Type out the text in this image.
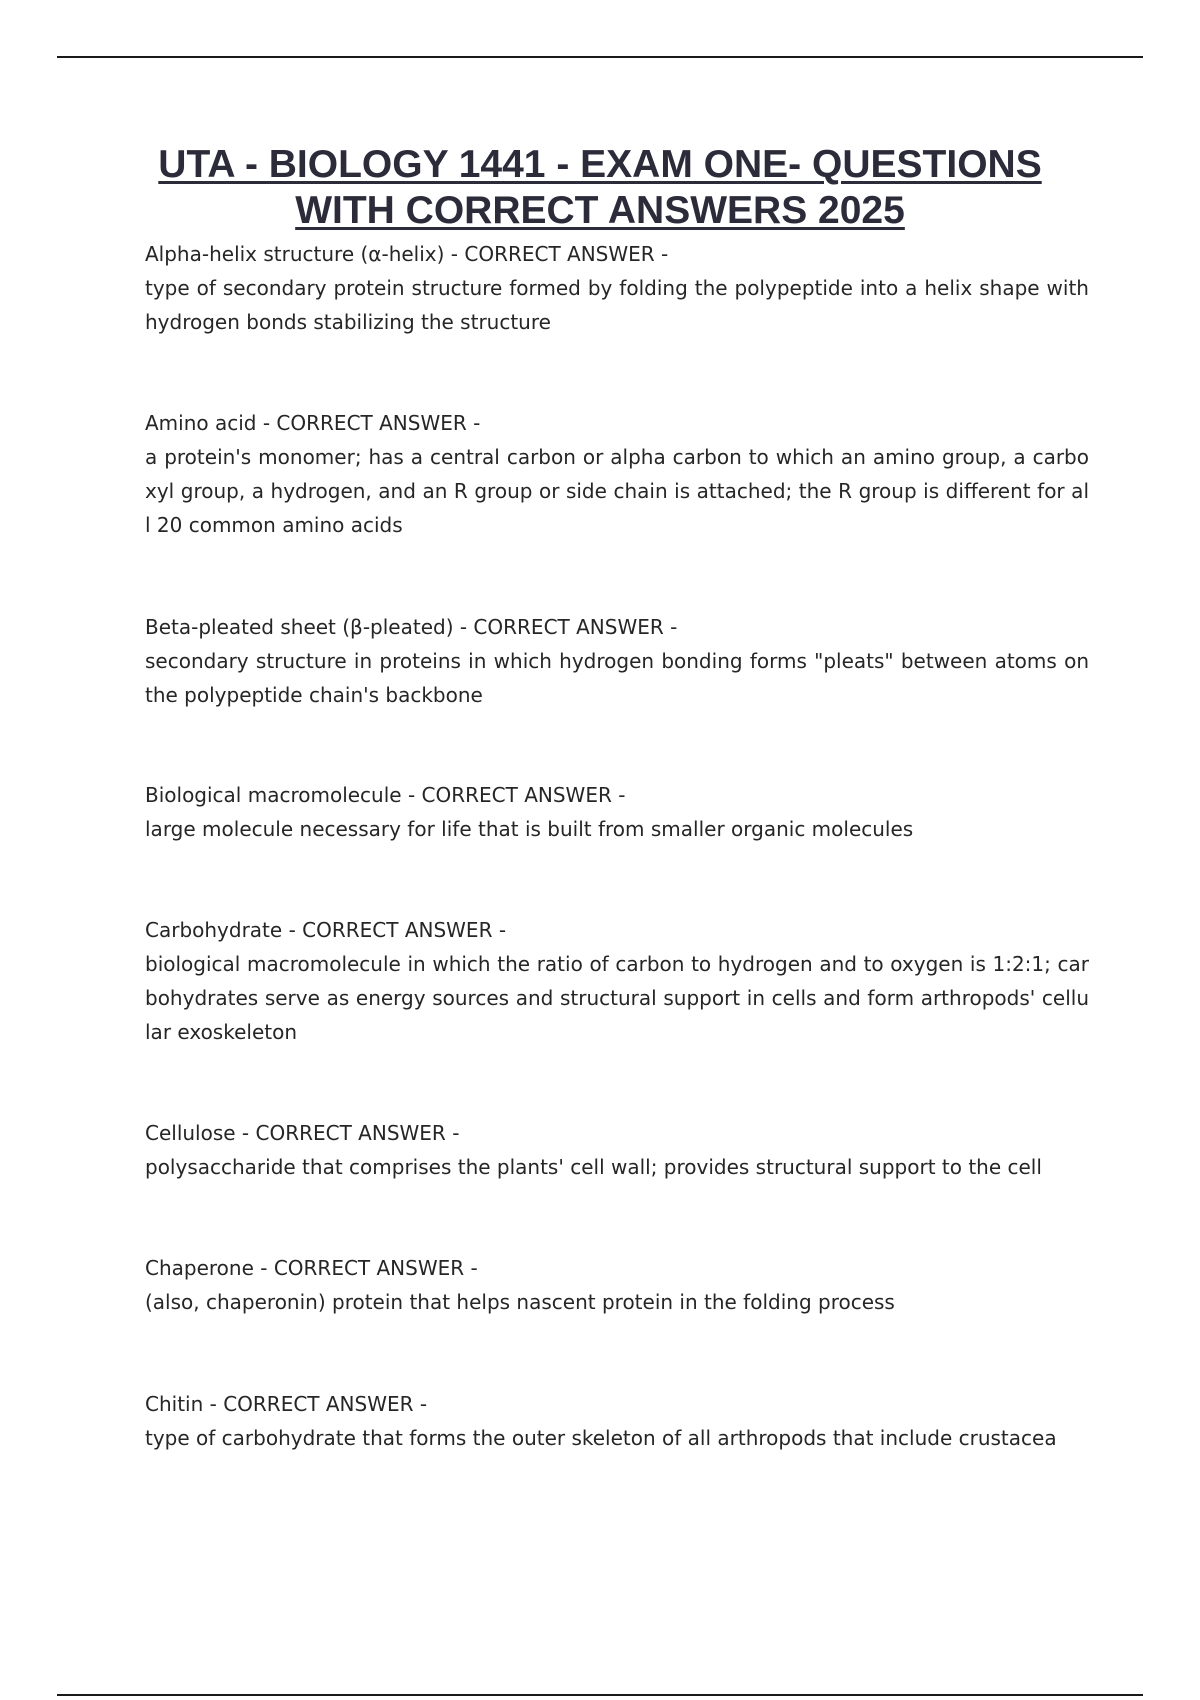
UTA - BIOLOGY 1441 - EXAM ONE- QUESTIONS
WITH CORRECT ANSWERS 2025
Alpha-helix structure (α-helix) - CORRECT ANSWER -
type of secondary protein structure formed by folding the polypeptide into a helix shape with hydrogen bonds stabilizing the structure
Amino acid - CORRECT ANSWER -
a protein's monomer; has a central carbon or alpha carbon to which an amino group, a carboxyl group, a hydrogen, and an R group or side chain is attached; the R group is different for all 20 common amino acids
Beta-pleated sheet (β-pleated) - CORRECT ANSWER -
secondary structure in proteins in which hydrogen bonding forms "pleats" between atoms on the polypeptide chain's backbone
Biological macromolecule - CORRECT ANSWER -
large molecule necessary for life that is built from smaller organic molecules
Carbohydrate - CORRECT ANSWER -
biological macromolecule in which the ratio of carbon to hydrogen and to oxygen is 1:2:1; carbohydrates serve as energy sources and structural support in cells and form arthropods' cellular exoskeleton
Cellulose - CORRECT ANSWER -
polysaccharide that comprises the plants' cell wall; provides structural support to the cell
Chaperone - CORRECT ANSWER -
(also, chaperonin) protein that helps nascent protein in the folding process
Chitin - CORRECT ANSWER -
type of carbohydrate that forms the outer skeleton of all arthropods that include crustacea
